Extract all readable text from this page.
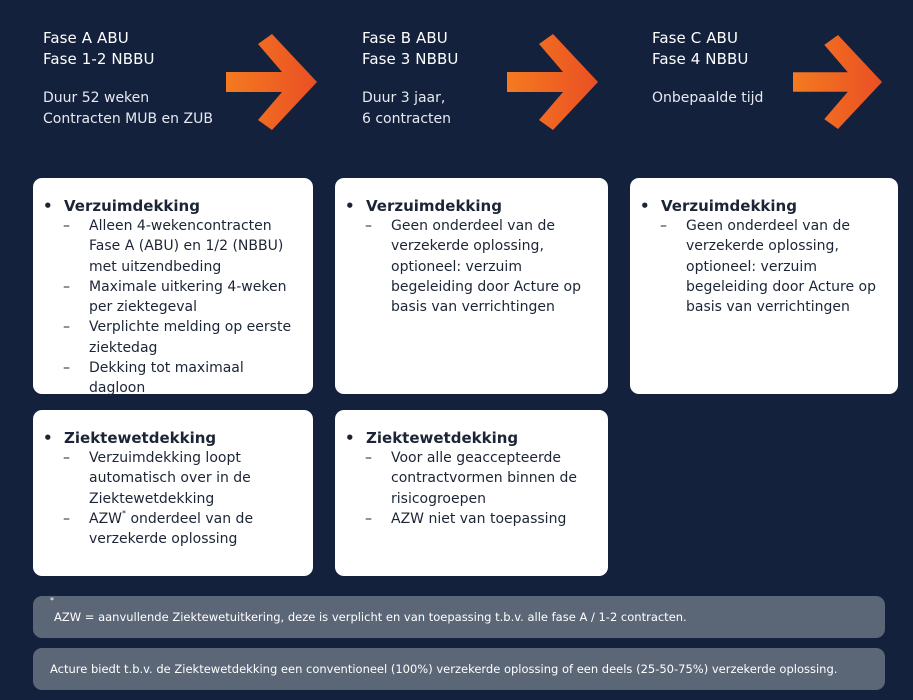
Fase A ABU
Fase 1-2 NBBU
Duur 52 weken
Contracten MUB en ZUB
Fase B ABU
Fase 3 NBBU
Duur 3 jaar,
6 contracten
Fase C ABU
Fase 4 NBBU
Onbepaalde tijd
• Verzuimdekking
– Alleen 4-wekencontracten Fase A (ABU) en 1/2 (NBBU) met uitzendbeding
– Maximale uitkering 4-weken per ziektegeval
– Verplichte melding op eerste ziektedag
– Dekking tot maximaal dagloon
• Verzuimdekking
– Geen onderdeel van de verzekerde oplossing, optioneel: verzuim begeleiding door Acture op basis van verrichtingen
• Verzuimdekking
– Geen onderdeel van de verzekerde oplossing, optioneel: verzuim begeleiding door Acture op basis van verrichtingen
• Ziektewetdekking
– Verzuimdekking loopt automatisch over in de Ziektewetdekking
– AZW* onderdeel van de verzekerde oplossing
• Ziektewetdekking
– Voor alle geaccepteerde contractvormen binnen de risicogroepen
– AZW niet van toepassing
*AZW = aanvullende Ziektewetuitkering, deze is verplicht en van toepassing t.b.v. alle fase A / 1-2 contracten.
Acture biedt t.b.v. de Ziektewetdekking een conventioneel (100%) verzekerde oplossing of een deels (25-50-75%) verzekerde oplossing.
